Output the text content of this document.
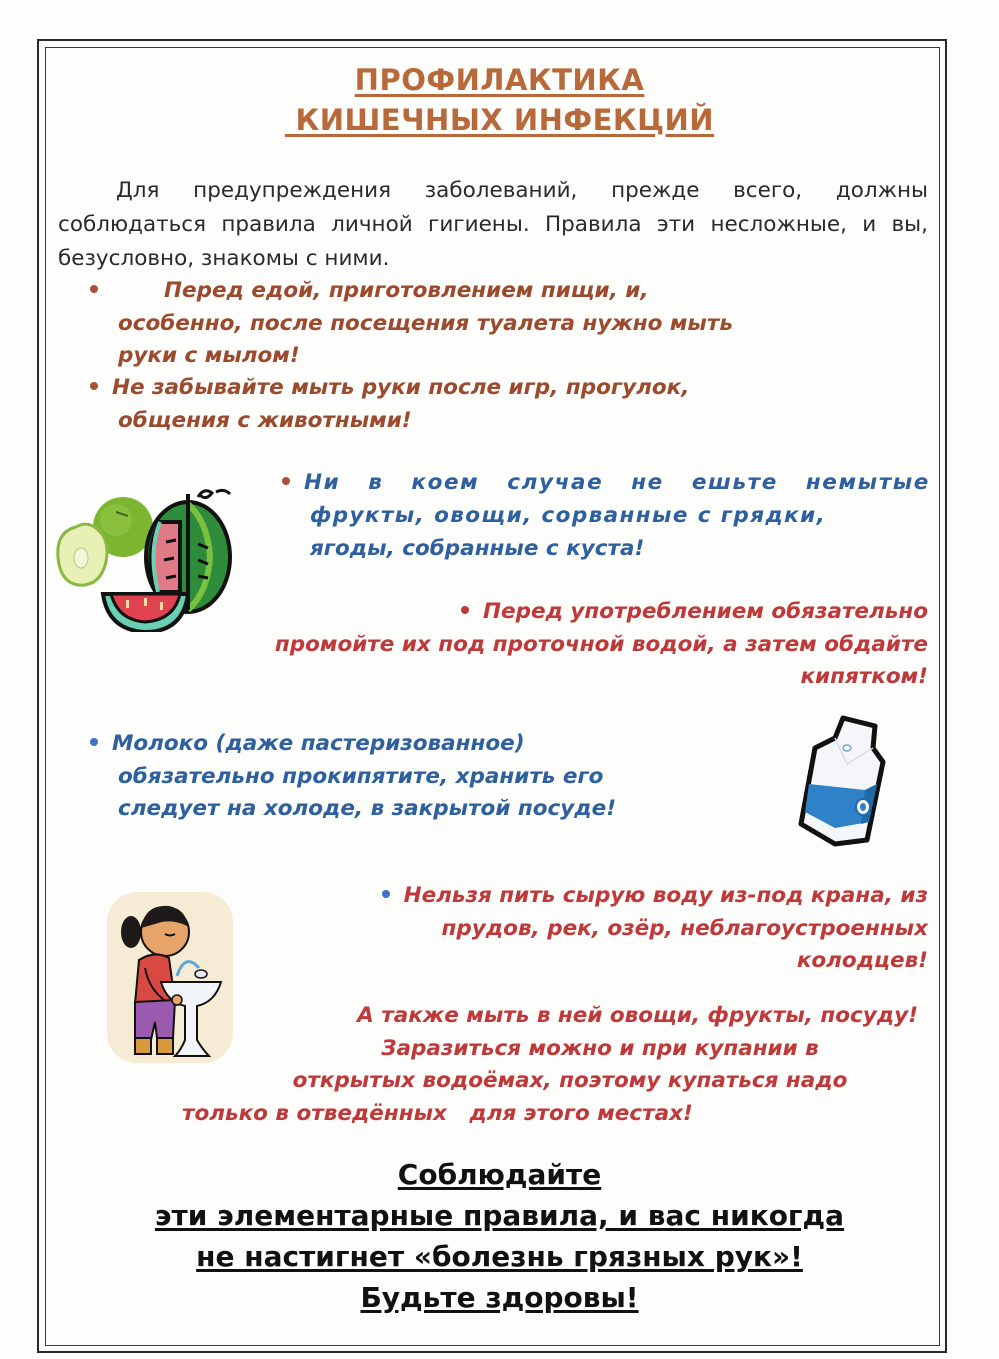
ПРОФИЛАКТИКА
КИШЕЧНЫХ ИНФЕКЦИЙ
Для предупреждения заболеваний, прежде всего, должны соблюдаться правила личной гигиены. Правила эти несложные, и вы, безусловно, знакомы с ними.
Перед едой, приготовлением пищи, и,
особенно, после посещения туалета нужно мыть
руки с мылом!
Не забывайте мыть руки после игр, прогулок,
общения с животными!
Ни в коем случае не ешьте немытые
фрукты, овощи, сорванные с грядки,
ягоды, собранные с куста!
Перед употреблением обязательно
промойте их под проточной водой, а затем обдайте
кипятком!
Молоко (даже пастеризованное)
обязательно прокипятите, хранить его
следует на холоде, в закрытой посуде!
Нельзя пить сырую воду из-под крана, из
прудов, рек, озёр, неблагоустроенных
колодцев!
А также мыть в ней овощи, фрукты, посуду!
Заразиться можно и при купании в
открытых водоёмах, поэтому купаться надо
только в отведённых   для этого местах!
Соблюдайте
эти элементарные правила, и вас никогда
не настигнет «болезнь грязных рук»!
Будьте здоровы!
